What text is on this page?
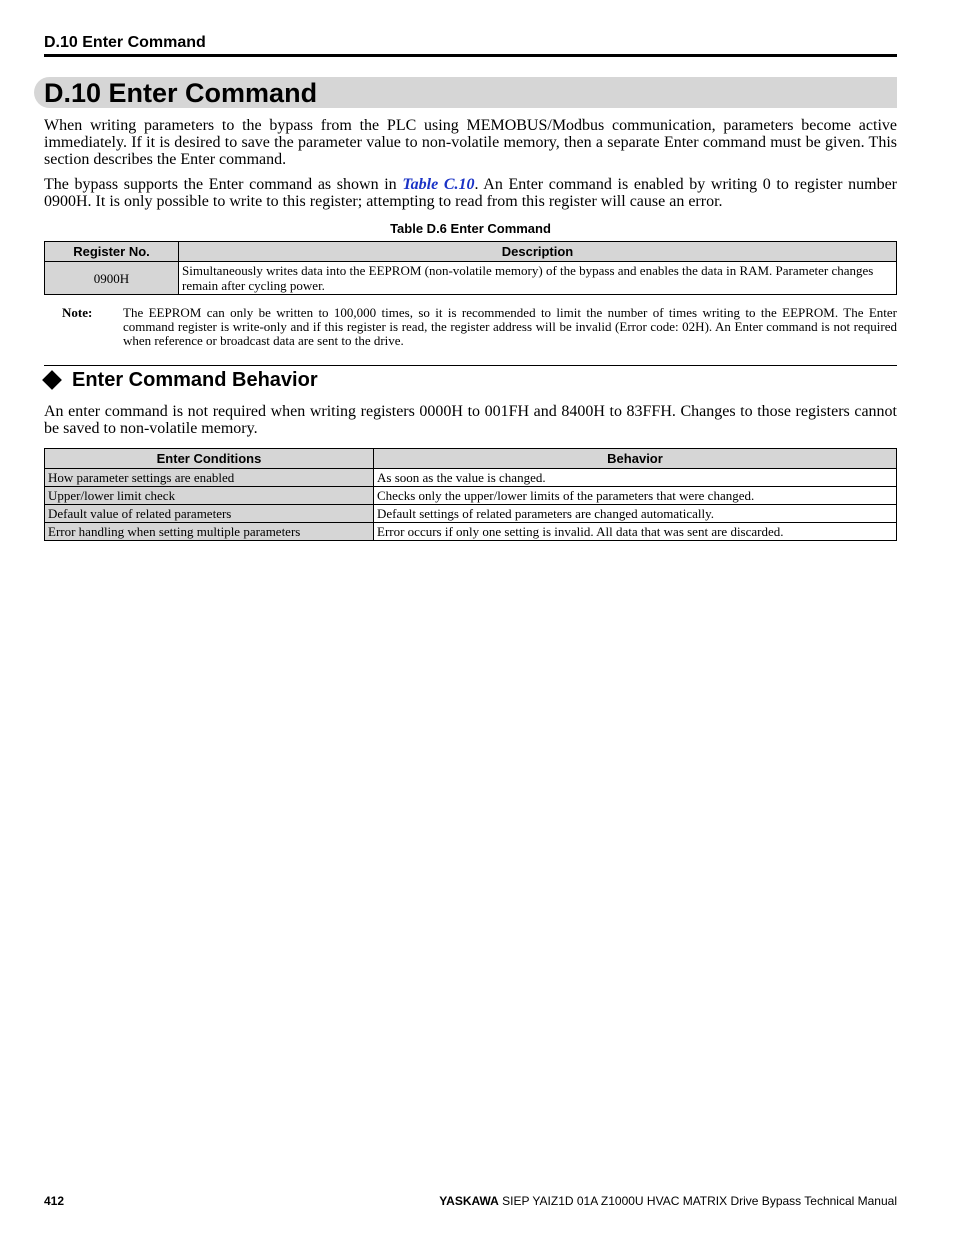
D.10 Enter Command
D.10 Enter Command

When writing parameters to the bypass from the PLC using MEMOBUS/Modbus communication, parameters become active immediately. If it is desired to save the parameter value to non-volatile memory, then a separate Enter command must be given. This section describes the Enter command.

The bypass supports the Enter command as shown in Table C.10. An Enter command is enabled by writing 0 to register number 0900H. It is only possible to write to this register; attempting to read from this register will cause an error.

Table D.6 Enter Command
Register No.	Description
0900H	Simultaneously writes data into the EEPROM (non-volatile memory) of the bypass and enables the data in RAM. Parameter changes remain after cycling power.
Note: The EEPROM can only be written to 100,000 times, so it is recommended to limit the number of times writing to the EEPROM. The Enter command register is write-only and if this register is read, the register address will be invalid (Error code: 02H). An Enter command is not required when reference or broadcast data are sent to the drive.
Enter Command Behavior

An enter command is not required when writing registers 0000H to 001FH and 8400H to 83FFH. Changes to those registers cannot be saved to non-volatile memory.

Enter Conditions	Behavior
How parameter settings are enabled	As soon as the value is changed.
Upper/lower limit check	Checks only the upper/lower limits of the parameters that were changed.
Default value of related parameters	Default settings of related parameters are changed automatically.
Error handling when setting multiple parameters	Error occurs if only one setting is invalid. All data that was sent are discarded.
412	YASKAWA SIEP YAIZ1D 01A Z1000U HVAC MATRIX Drive Bypass Technical Manual
